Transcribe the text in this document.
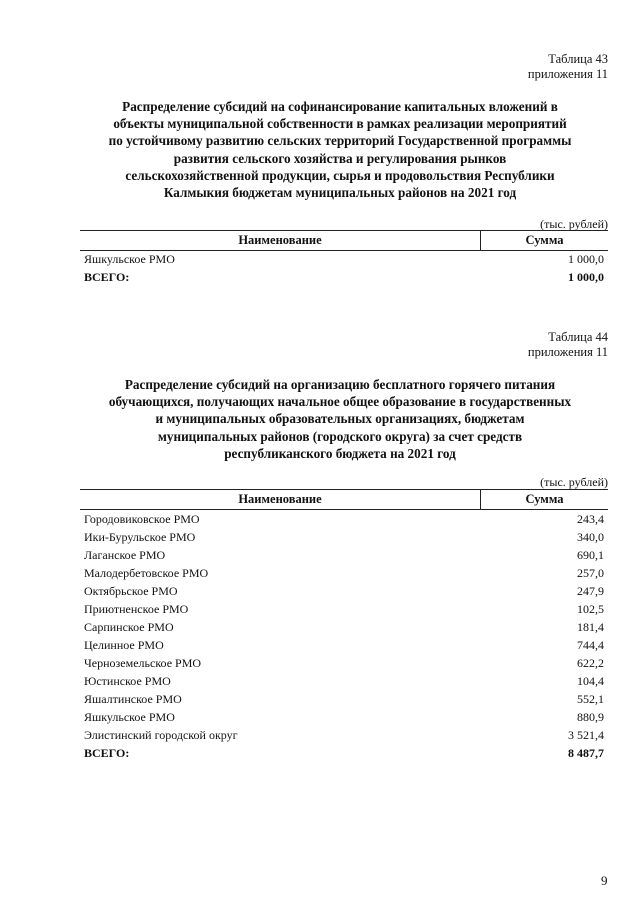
Таблица 43
приложения 11
Распределение субсидий на софинансирование капитальных вложений в
объекты муниципальной собственности в рамках реализации мероприятий
по устойчивому развитию сельских территорий Государственной программы
развития сельского хозяйства и регулирования рынков
сельскохозяйственной продукции, сырья и продовольствия Республики
Калмыкия бюджетам муниципальных районов на 2021 год
(тыс. рублей)
Наименование	Сумма
Яшкульское РМО	1 000,0
ВСЕГО:	1 000,0
Таблица 44
приложения 11
Распределение субсидий на организацию бесплатного горячего питания
обучающихся, получающих начальное общее образование в государственных
и муниципальных образовательных организациях, бюджетам
муниципальных районов (городского округа) за счет средств
республиканского бюджета на 2021 год
(тыс. рублей)
Наименование	Сумма
Городовиковское РМО	243,4
Ики-Бурульское РМО	340,0
Лаганское РМО	690,1
Малодербетовское РМО	257,0
Октябрьское РМО	247,9
Приютненское РМО	102,5
Сарпинское РМО	181,4
Целинное РМО	744,4
Черноземельское РМО	622,2
Юстинское РМО	104,4
Яшалтинское РМО	552,1
Яшкульское РМО	880,9
Элистинский городской округ	3 521,4
ВСЕГО:	8 487,7
9
